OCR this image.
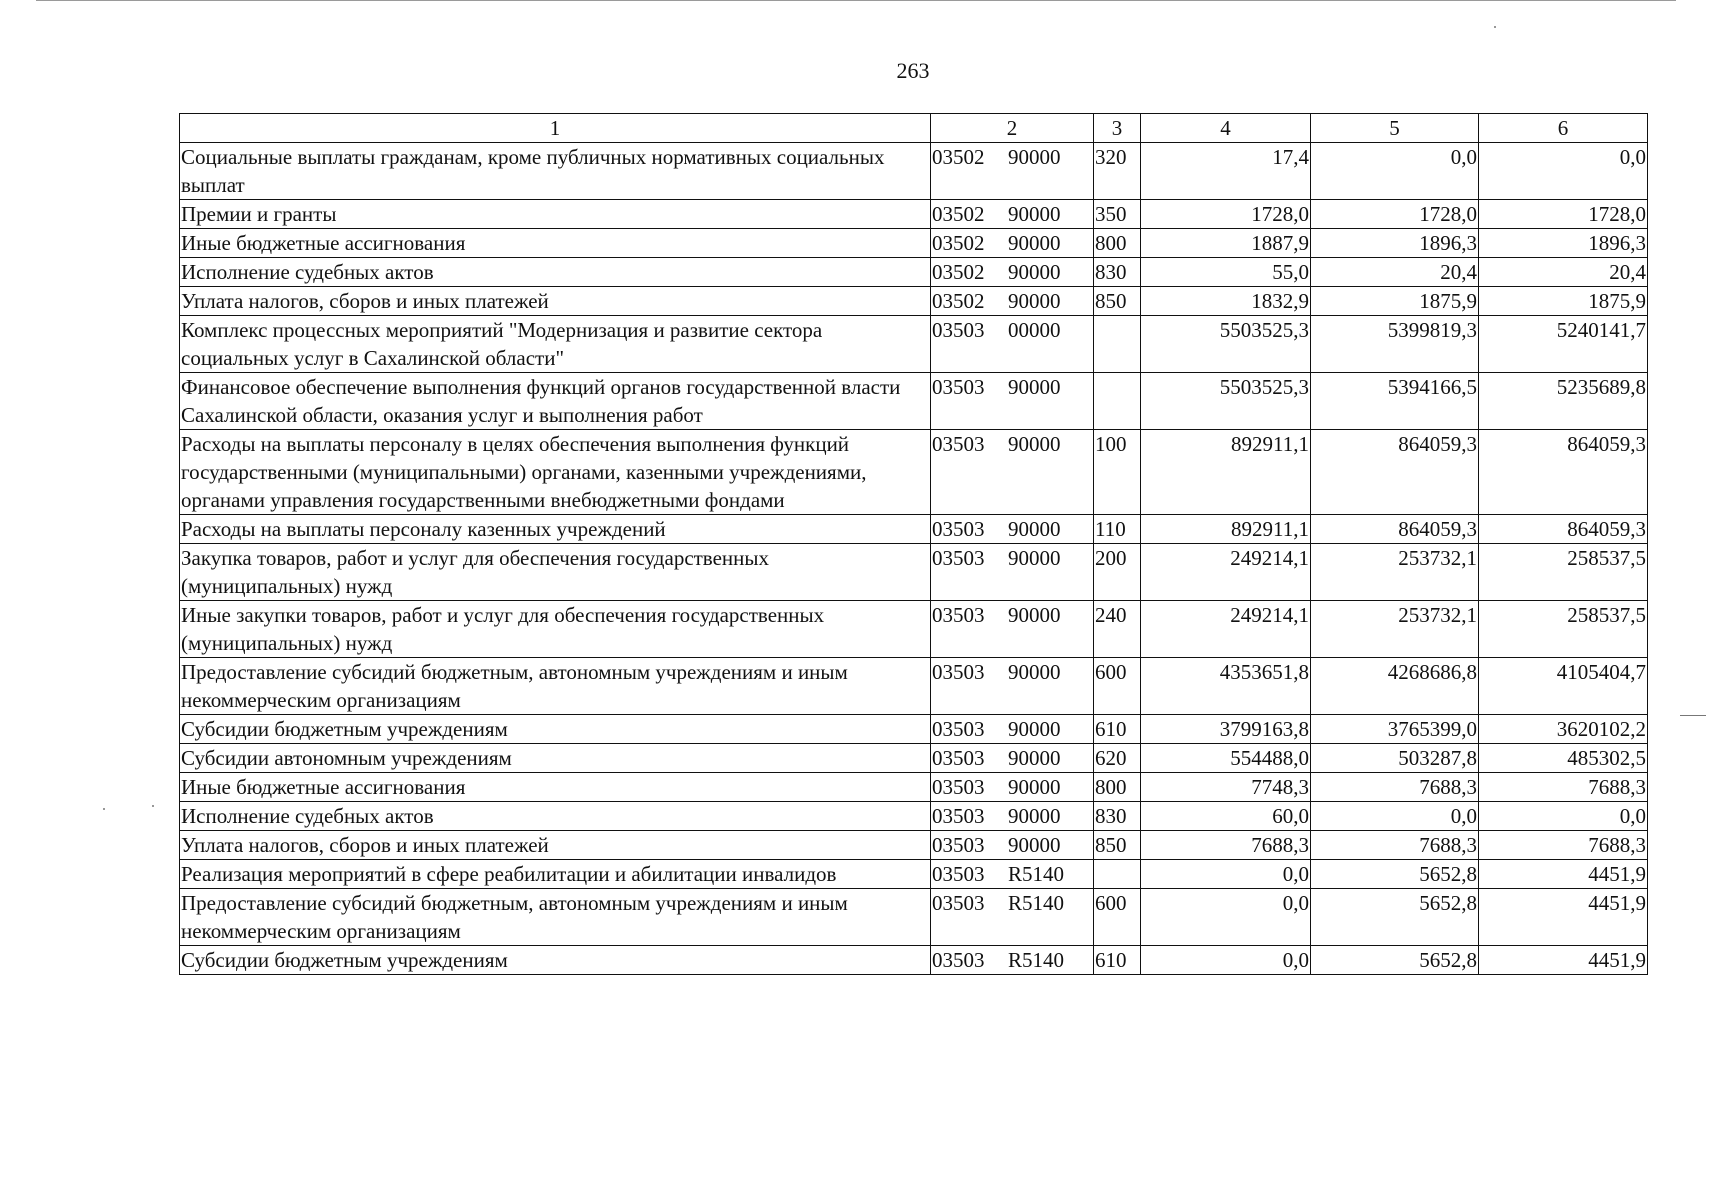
263
1	2	3	4	5	6
Социальные выплаты гражданам, кроме публичных нормативных социальных выплат	03502 90000	320	17,4	0,0	0,0
Премии и гранты	03502 90000	350	1728,0	1728,0	1728,0
Иные бюджетные ассигнования	03502 90000	800	1887,9	1896,3	1896,3
Исполнение судебных актов	03502 90000	830	55,0	20,4	20,4
Уплата налогов, сборов и иных платежей	03502 90000	850	1832,9	1875,9	1875,9
Комплекс процессных мероприятий "Модернизация и развитие сектора социальных услуг в Сахалинской области"	03503 00000		5503525,3	5399819,3	5240141,7
Финансовое обеспечение выполнения функций органов государственной власти Сахалинской области, оказания услуг и выполнения работ	03503 90000		5503525,3	5394166,5	5235689,8
Расходы на выплаты персоналу в целях обеспечения выполнения функций государственными (муниципальными) органами, казенными учреждениями, органами управления государственными внебюджетными фондами	03503 90000	100	892911,1	864059,3	864059,3
Расходы на выплаты персоналу казенных учреждений	03503 90000	110	892911,1	864059,3	864059,3
Закупка товаров, работ и услуг для обеспечения государственных (муниципальных) нужд	03503 90000	200	249214,1	253732,1	258537,5
Иные закупки товаров, работ и услуг для обеспечения государственных (муниципальных) нужд	03503 90000	240	249214,1	253732,1	258537,5
Предоставление субсидий бюджетным, автономным учреждениям и иным некоммерческим организациям	03503 90000	600	4353651,8	4268686,8	4105404,7
Субсидии бюджетным учреждениям	03503 90000	610	3799163,8	3765399,0	3620102,2
Субсидии автономным учреждениям	03503 90000	620	554488,0	503287,8	485302,5
Иные бюджетные ассигнования	03503 90000	800	7748,3	7688,3	7688,3
Исполнение судебных актов	03503 90000	830	60,0	0,0	0,0
Уплата налогов, сборов и иных платежей	03503 90000	850	7688,3	7688,3	7688,3
Реализация мероприятий в сфере реабилитации и абилитации инвалидов	03503 R5140		0,0	5652,8	4451,9
Предоставление субсидий бюджетным, автономным учреждениям и иным некоммерческим организациям	03503 R5140	600	0,0	5652,8	4451,9
Субсидии бюджетным учреждениям	03503 R5140	610	0,0	5652,8	4451,9
